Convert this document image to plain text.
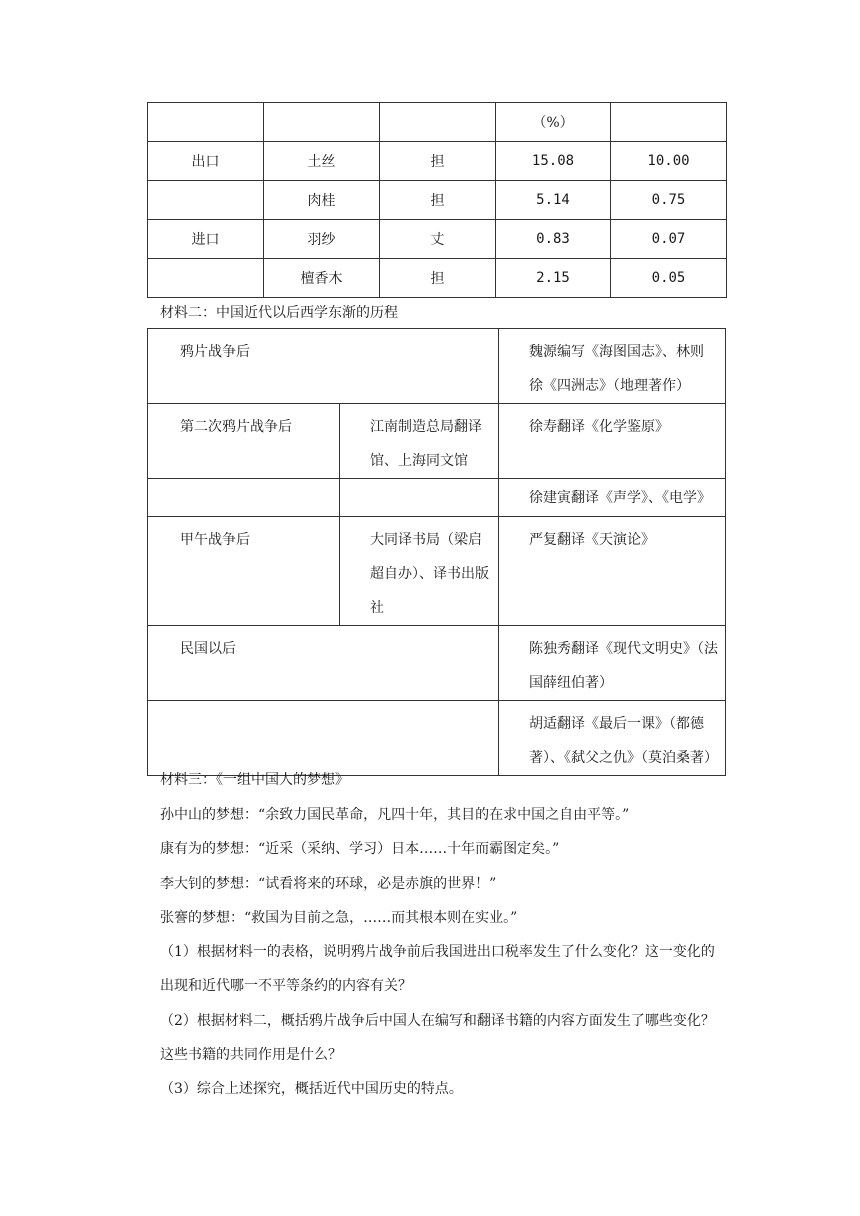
			（%）	
出口	土丝	担	15.08	10.00
	肉桂	担	5.14	0.75
进口	羽纱	丈	0.83	0.07
	檀香木	担	2.15	0.05
材料二：中国近代以后西学东渐的历程
鸦片战争后		魏源编写《海图国志》、林则
徐《四洲志》（地理著作）

第二次鸦片战争后	江南制造总局翻译
馆、上海同文馆	徐寿翻译《化学鉴原》

		徐建寅翻译《声学》、《电学》

甲午战争后	大同译书局（梁启
超自办）、译书出版
社	严复翻译《天演论》

民国以后		陈独秀翻译《现代文明史》（法
国薛纽伯著）

		胡适翻译《最后一课》（都德
著）、《弑父之仇》（莫泊桑著）
材料三：《一组中国人的梦想》
孙中山的梦想：“余致力国民革命，凡四十年，其目的在求中国之自由平等。”
康有为的梦想：“近采（采纳、学习）日本……十年而霸图定矣。”
李大钊的梦想：“试看将来的环球，必是赤旗的世界！”
张謇的梦想：“救国为目前之急，……而其根本则在实业。”
（1）根据材料一的表格，说明鸦片战争前后我国进出口税率发生了什么变化？这一变化的
出现和近代哪一不平等条约的内容有关？
（2）根据材料二，概括鸦片战争后中国人在编写和翻译书籍的内容方面发生了哪些变化？
这些书籍的共同作用是什么？
（3）综合上述探究，概括近代中国历史的特点。
